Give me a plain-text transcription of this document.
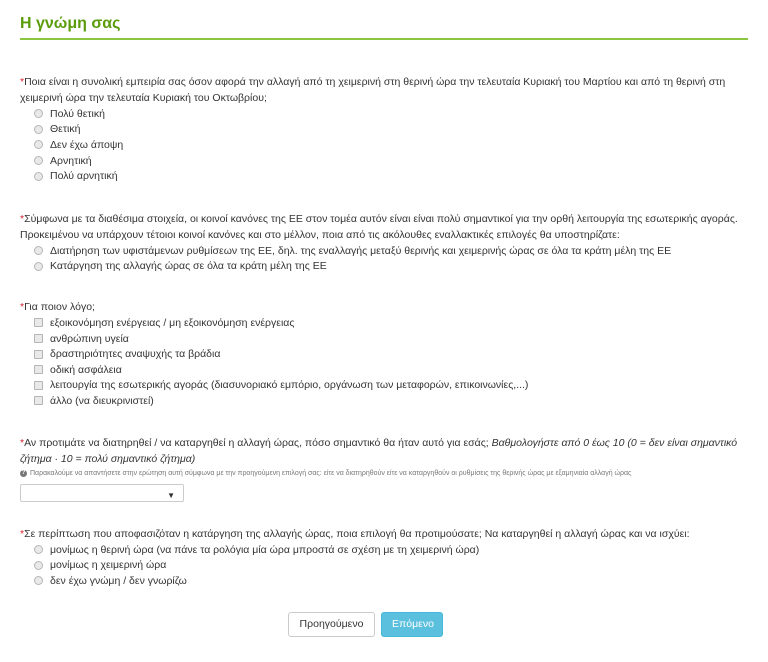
Η γνώμη σας
*Ποια είναι η συνολική εμπειρία σας όσον αφορά την αλλαγή από τη χειμερινή στη θερινή ώρα την τελευταία Κυριακή του Μαρτίου και από τη θερινή στη χειμερινή ώρα την τελευταία Κυριακή του Οκτωβρίου;
Πολύ θετική
Θετική
Δεν έχω άποψη
Αρνητική
Πολύ αρνητική
*Σύμφωνα με τα διαθέσιμα στοιχεία, οι κοινοί κανόνες της ΕΕ στον τομέα αυτόν είναι είναι πολύ σημαντικοί για την ορθή λειτουργία της εσωτερικής αγοράς. Προκειμένου να υπάρχουν τέτοιοι κοινοί κανόνες και στο μέλλον, ποια από τις ακόλουθες εναλλακτικές επιλογές θα υποστηρίζατε:
Διατήρηση των υφιστάμενων ρυθμίσεων της ΕΕ, δηλ. της εναλλαγής μεταξύ θερινής και χειμερινής ώρας σε όλα τα κράτη μέλη της ΕΕ
Κατάργηση της αλλαγής ώρας σε όλα τα κράτη μέλη της ΕΕ
*Για ποιον λόγο;
εξοικονόμηση ενέργειας / μη εξοικονόμηση ενέργειας
ανθρώπινη υγεία
δραστηριότητες αναψυχής τα βράδια
οδική ασφάλεια
λειτουργία της εσωτερικής αγοράς (διασυνοριακό εμπόριο, οργάνωση των μεταφορών, επικοινωνίες,...)
άλλο (να διευκρινιστεί)
*Αν προτιμάτε να διατηρηθεί / να καταργηθεί η αλλαγή ώρας, πόσο σημαντικό θα ήταν αυτό για εσάς; Βαθμολογήστε από 0 έως 10 (0 = δεν είναι σημαντικό ζήτημα · 10 = πολύ σημαντικό ζήτημα)
? Παρακαλούμε να απαντήσετε στην ερώτηση αυτή σύμφωνα με την προηγούμενη επιλογή σας: είτε να διατηρηθούν είτε να καταργηθούν οι ρυθμίσεις της θερινής ώρας με εξαμηνιαία αλλαγή ώρας
▼
*Σε περίπτωση που αποφασιζόταν η κατάργηση της αλλαγής ώρας, ποια επιλογή θα προτιμούσατε; Να καταργηθεί η αλλαγή ώρας και να ισχύει:
μονίμως η θερινή ώρα (να πάνε τα ρολόγια μία ώρα μπροστά σε σχέση με τη χειμερινή ώρα)
μονίμως η χειμερινή ώρα
δεν έχω γνώμη / δεν γνωρίζω
Προηγούμενο	Επόμενο
